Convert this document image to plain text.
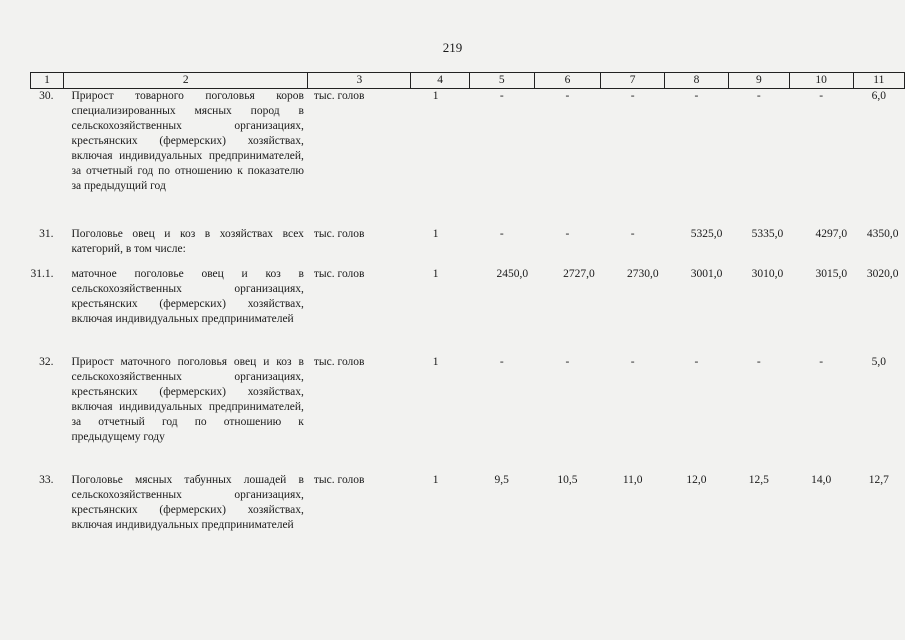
219
1	2	3	4	5	6	7	8	9	10	11
30.	Прирост товарного поголовья коров специализированных мясных пород в сельскохозяйственных организациях, крестьянских (фермерских) хозяйствах, включая индивидуальных предпринимателей, за отчетный год по отношению к показателю за предыдущий год	тыс. голов	1	-	-	-	-	-	-	6,0
31.	Поголовье овец и коз в хозяйствах всех категорий, в том числе:	тыс. голов	1	-	-	-	5325,0	5335,0	4297,0	4350,0
31.1.	маточное поголовье овец и коз в сельскохозяйственных организациях, крестьянских (фермерских) хозяйствах, включая индивидуальных предпринимателей	тыс. голов	1	2450,0	2727,0	2730,0	3001,0	3010,0	3015,0	3020,0
32.	Прирост маточного поголовья овец и коз в сельскохозяйственных организациях, крестьянских (фермерских) хозяйствах, включая индивидуальных предпринимателей, за отчетный год по отношению к предыдущему году	тыс. голов	1	-	-	-	-	-	-	5,0
33.	Поголовье мясных табунных лошадей в сельскохозяйственных организациях, крестьянских (фермерских) хозяйствах, включая индивидуальных предпринимателей	тыс. голов	1	9,5	10,5	11,0	12,0	12,5	14,0	12,7
